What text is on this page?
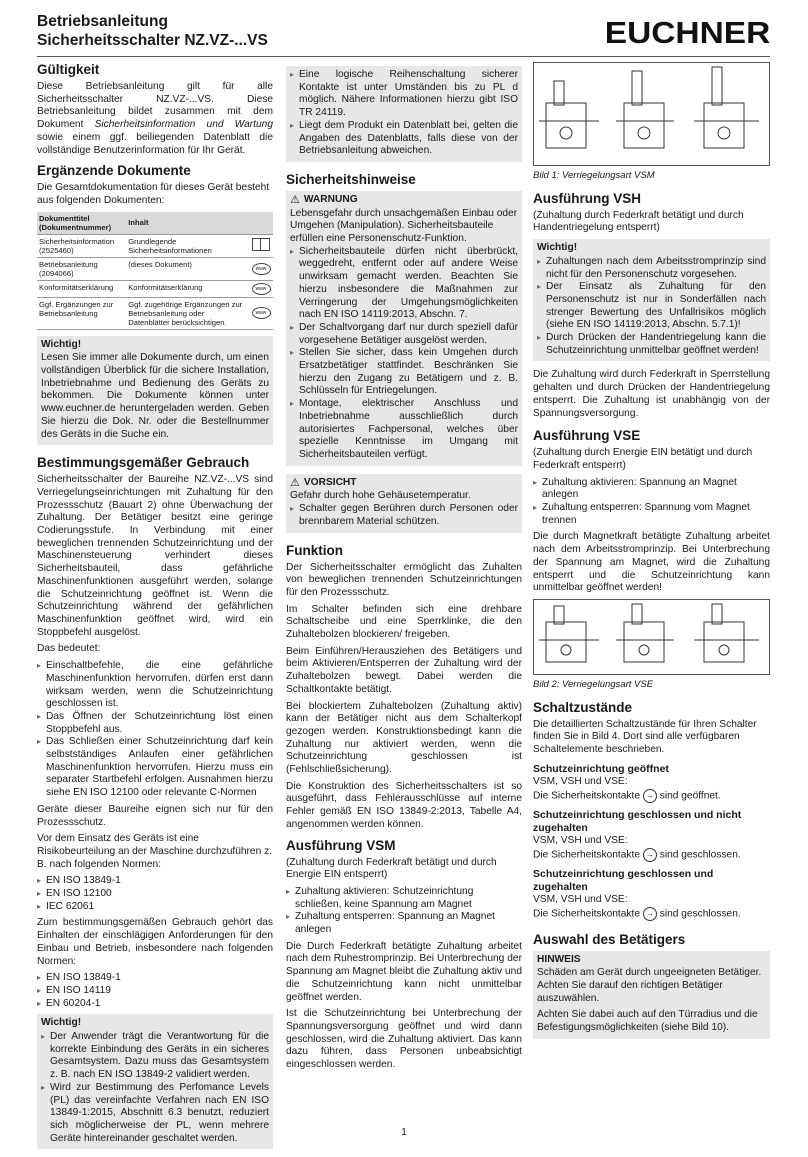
Betriebsanleitung
Sicherheitsschalter NZ.VZ-...VS	EUCHNER
Gültigkeit

Diese Betriebsanleitung gilt für alle Sicherheitsschalter NZ.VZ-...VS. Diese Betriebsanleitung bildet zusammen mit dem Dokument Sicherheitsinformation und Wartung sowie einem ggf. beiliegenden Datenblatt die vollständige Benutzerinformation für Ihr Gerät.

Ergänzende Dokumente

Die Gesamtdokumentation für dieses Gerät besteht aus folgenden Dokumenten:

Dokumenttitel (Dokumentnummer)	Inhalt	
Sicherheitsinformation (2525460)	Grundlegende Sicherheitsinformationen	
Betriebsanleitung (2094066)	(dieses Dokument)	www
Konformitätserklärung	Konformitätserklärung	www
Ggf. Ergänzungen zur Betriebsanleitung	Ggf. zugehörige Ergänzungen zur Betriebsanleitung oder Datenblätter berücksichtigen.	www
Wichtig!
Lesen Sie immer alle Dokumente durch, um einen vollständigen Überblick für die sichere Installation, Inbetriebnahme und Bedienung des Geräts zu bekommen. Die Dokumente können unter www.euchner.de heruntergeladen werden. Geben Sie hierzu die Dok. Nr. oder die Bestellnummer des Geräts in die Suche ein.
Bestimmungsgemäßer Gebrauch

Sicherheitsschalter der Baureihe NZ.VZ-...VS sind Verriegelungseinrichtungen mit Zuhaltung für den Prozessschutz (Bauart 2) ohne Überwachung der Zuhaltung. Der Betätiger besitzt eine geringe Codierungsstufe. In Verbindung mit einer beweglichen trennenden Schutzeinrichtung und der Maschinensteuerung verhindert dieses Sicherheitsbauteil, dass gefährliche Maschinenfunktionen ausgeführt werden, solange die Schutzeinrichtung geöffnet ist. Wenn die Schutzeinrichtung während der gefährlichen Maschinenfunktion geöffnet wird, wird ein Stoppbefehl ausgelöst.

Das bedeutet:

▸ Einschaltbefehle, die eine gefährliche Maschinenfunktion hervorrufen, dürfen erst dann wirksam werden, wenn die Schutzeinrichtung geschlossen ist.
▸ Das Öffnen der Schutzeinrichtung löst einen Stoppbefehl aus.
▸ Das Schließen einer Schutzeinrichtung darf kein selbstständiges Anlaufen einer gefährlichen Maschinenfunktion hervorrufen. Hierzu muss ein separater Startbefehl erfolgen. Ausnahmen hierzu siehe EN ISO 12100 oder relevante C-Normen

Geräte dieser Baureihe eignen sich nur für den Prozessschutz.

Vor dem Einsatz des Geräts ist eine Risikobeurteilung an der Maschine durchzuführen z. B. nach folgenden Normen:

▸ EN ISO 13849-1
▸ EN ISO 12100
▸ IEC 62061

Zum bestimmungsgemäßen Gebrauch gehört das Einhalten der einschlägigen Anforderungen für den Einbau und Betrieb, insbesondere nach folgenden Normen:

▸ EN ISO 13849-1
▸ EN ISO 14119
▸ EN 60204-1
Wichtig!
▸ Der Anwender trägt die Verantwortung für die korrekte Einbindung des Geräts in ein sicheres Gesamtsystem. Dazu muss das Gesamtsystem z. B. nach EN ISO 13849-2 validiert werden.
▸ Wird zur Bestimmung des Perfomance Levels (PL) das vereinfachte Verfahren nach EN ISO 13849-1:2015, Abschnitt 6.3 benutzt, reduziert sich möglicherweise der PL, wenn mehrere Geräte hintereinander geschaltet werden.
▸ Eine logische Reihenschaltung sicherer Kontakte ist unter Umständen bis zu PL d möglich. Nähere Informationen hierzu gibt ISO TR 24119.
▸ Liegt dem Produkt ein Datenblatt bei, gelten die Angaben des Datenblatts, falls diese von der Betriebsanleitung abweichen.
Sicherheitshinweise
⚠ WARNUNG
Lebensgefahr durch unsachgemäßen Einbau oder Umgehen (Manipulation). Sicherheitsbauteile erfüllen eine Personenschutz-Funktion.
▸ Sicherheitsbauteile dürfen nicht überbrückt, weggedreht, entfernt oder auf andere Weise unwirksam gemacht werden. Beachten Sie hierzu insbesondere die Maßnahmen zur Verringerung der Umgehungsmöglichkeiten nach EN ISO 14119:2013, Abschn. 7.
▸ Der Schaltvorgang darf nur durch speziell dafür vorgesehene Betätiger ausgelöst werden.
▸ Stellen Sie sicher, dass kein Umgehen durch Ersatzbetätiger stattfindet. Beschränken Sie hierzu den Zugang zu Betätigern und z. B. Schlüsseln für Entriegelungen.
▸ Montage, elektrischer Anschluss und Inbetriebnahme ausschließlich durch autorisiertes Fachpersonal, welches über spezielle Kenntnisse im Umgang mit Sicherheitsbauteilen verfügt.
⚠ VORSICHT
Gefahr durch hohe Gehäusetemperatur.
▸ Schalter gegen Berühren durch Personen oder brennbarem Material schützen.
Funktion

Der Sicherheitsschalter ermöglicht das Zuhalten von beweglichen trennenden Schutzeinrichtungen für den Prozessschutz.

Im Schalter befinden sich eine drehbare Schaltscheibe und eine Sperrklinke, die den Zuhaltebolzen blockieren/ freigeben.

Beim Einführen/Herausziehen des Betätigers und beim Aktivieren/Entsperren der Zuhaltung wird der Zuhaltebolzen bewegt. Dabei werden die Schaltkontakte betätigt.

Bei blockiertem Zuhaltebolzen (Zuhaltung aktiv) kann der Betätiger nicht aus dem Schalterkopf gezogen werden. Konstruktionsbedingt kann die Zuhaltung nur aktiviert werden, wenn die Schutzeinrichtung geschlossen ist (Fehlschließsicherung).

Die Konstruktion des Sicherheitsschalters ist so ausgeführt, dass Fehlerausschlüsse auf interne Fehler gemäß EN ISO 13849-2:2013, Tabelle A4, angenommen werden können.

Ausführung VSM

(Zuhaltung durch Federkraft betätigt und durch Energie EIN entsperrt)

▸ Zuhaltung aktivieren: Schutzeinrichtung schließen, keine Spannung am Magnet
▸ Zuhaltung entsperren: Spannung an Magnet anlegen

Die Durch Federkraft betätigte Zuhaltung arbeitet nach dem Ruhestromprinzip. Bei Unterbrechung der Spannung am Magnet bleibt die Zuhaltung aktiv und die Schutzeinrichtung kann nicht unmittelbar geöffnet werden.

Ist die Schutzeinrichtung bei Unterbrechung der Spannungsversorgung geöffnet und wird dann geschlossen, wird die Zuhaltung aktiviert. Das kann dazu führen, dass Personen unbeabsichtigt eingeschlossen werden.

Bild 1: Verriegelungsart VSM
Ausführung VSH

(Zuhaltung durch Federkraft betätigt und durch Handentriegelung entsperrt)

Wichtig!
▸ Zuhaltungen nach dem Arbeitsstromprinzip sind nicht für den Personenschutz vorgesehen.
▸ Der Einsatz als Zuhaltung für den Personenschutz ist nur in Sonderfällen nach strenger Bewertung des Unfallrisikos möglich (siehe EN ISO 14119:2013, Abschn. 5.7.1)!
▸ Durch Drücken der Handentriegelung kann die Schutzeinrichtung unmittelbar geöffnet werden!

Die Zuhaltung wird durch Federkraft in Sperrstellung gehalten und durch Drücken der Handentriegelung entsperrt. Die Zuhaltung ist unabhängig von der Spannungsversorgung.

Ausführung VSE

(Zuhaltung durch Energie EIN betätigt und durch Federkraft entsperrt)

▸ Zuhaltung aktivieren: Spannung an Magnet anlegen
▸ Zuhaltung entsperren: Spannung vom Magnet trennen

Die durch Magnetkraft betätigte Zuhaltung arbeitet nach dem Arbeitsstromprinzip. Bei Unterbrechung der Spannung am Magnet, wird die Zuhaltung entsperrt und die Schutzeinrichtung kann unmittelbar geöffnet werden!

Bild 2: Verriegelungsart VSE
Schaltzustände

Die detaillierten Schaltzustände für Ihren Schalter finden Sie in Bild 4. Dort sind alle verfügbaren Schaltelemente beschrieben.

Schutzeinrichtung geöffnet
VSM, VSH und VSE:
Die Sicherheitskontakte → sind geöffnet.
Schutzeinrichtung geschlossen und nicht zugehalten
VSM, VSH und VSE:
Die Sicherheitskontakte → sind geschlossen.
Schutzeinrichtung geschlossen und zugehalten
VSM, VSH und VSE:
Die Sicherheitskontakte → sind geschlossen.
Auswahl des Betätigers
HINWEIS

Schäden am Gerät durch ungeeigneten Betätiger. Achten Sie darauf den richtigen Betätiger auszuwählen.

Achten Sie dabei auch auf den Türradius und die Befestigungsmöglichkeiten (siehe Bild 10).

1
